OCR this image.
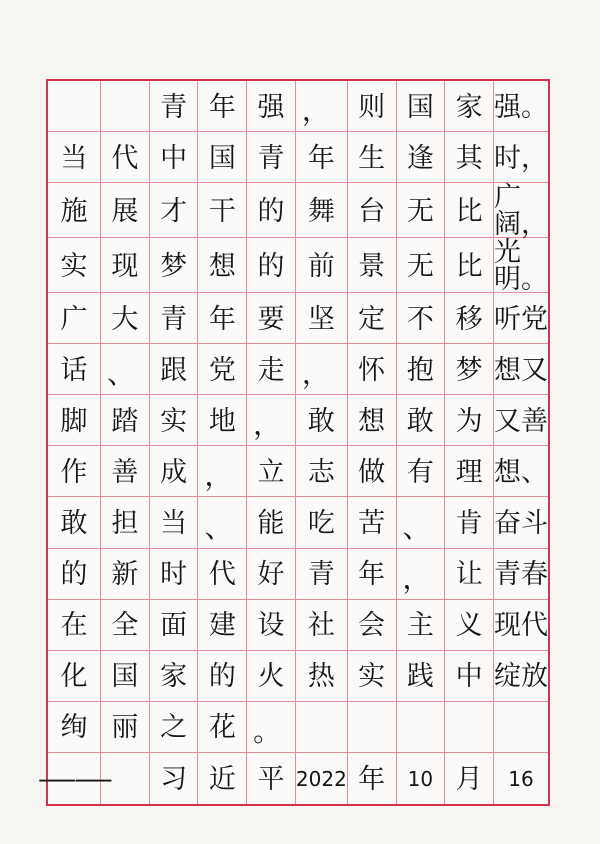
青 年 强 ， 则 国 家 强。
当 代 中 国 青 年 生 逢 其 时，
施 展 才 干 的 舞 台 无 比 广阔，
实 现 梦 想 的 前 景 无 比 光明。
广 大 青 年 要 坚 定 不 移 听党
话 、 跟 党 走 ， 怀 抱 梦 想又
脚 踏 实 地 ， 敢 想 敢 为 又善
作 善 成 ， 立 志 做 有 理 想、
敢 担 当 、 能 吃 苦 、 肯 奋斗
的 新 时 代 好 青 年 ， 让 青春
在 全 面 建 设 社 会 主 义 现代
化 国 家 的 火 热 实 践 中 绽放
绚 丽 之 花 。
—— 习 近 平 2022 年 10 月 16
